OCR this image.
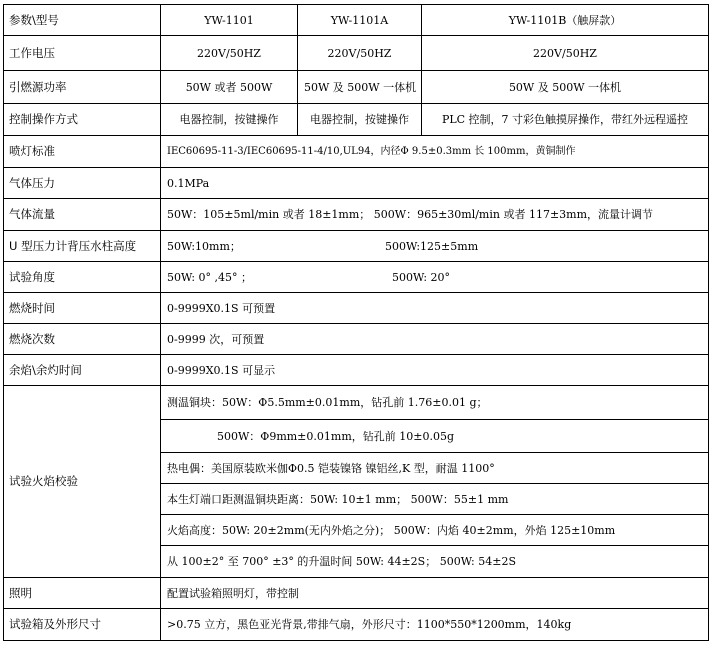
参数\型号	YW-1101	YW-1101A	YW-1101B（触屏款）
工作电压	220V/50HZ	220V/50HZ	220V/50HZ
引燃源功率	50W 或者 500W	50W 及 500W 一体机	50W 及 500W 一体机
控制操作方式	电器控制，按键操作	电器控制，按键操作	PLC 控制，7 寸彩色触摸屏操作，带红外远程遥控
喷灯标准	IEC60695-11-3/IEC60695-11-4/10,UL94，内径Φ 9.5±0.3mm 长 100mm，黄铜制作		
气体压力	0.1MPa		
气体流量	50W：105±5ml/min 或者 18±1mm； 500W：965±30ml/min 或者 117±3mm，流量计调节		
U 型压力计背压水柱高度	50W:10mm； 500W:125±5mm		
试验角度	50W: 0° ,45° ； 500W: 20°		
燃烧时间	0-9999X0.1S 可预置		
燃烧次数	0-9999 次，可预置		
余焰\余灼时间	0-9999X0.1S 可显示		
试验火焰校验	测温铜块：50W：Φ5.5mm±0.01mm，钻孔前 1.76±0.01 g；		
	500W：Φ9mm±0.01mm，钻孔前 10±0.05g		
	热电偶：美国原装欧米伽Φ0.5 铠装镍铬 镍铝丝,K 型，耐温 1100°		
	本生灯端口距测温铜块距离：50W: 10±1 mm； 500W：55±1 mm		
	火焰高度：50W: 20±2mm(无内外焰之分)； 500W：内焰 40±2mm，外焰 125±10mm		
	从 100±2° 至 700° ±3° 的升温时间 50W: 44±2S； 500W: 54±2S		
照明	配置试验箱照明灯，带控制		
试验箱及外形尺寸	>0.75 立方，黑色亚光背景,带排气扇，外形尺寸：1100*550*1200mm，140kg		
